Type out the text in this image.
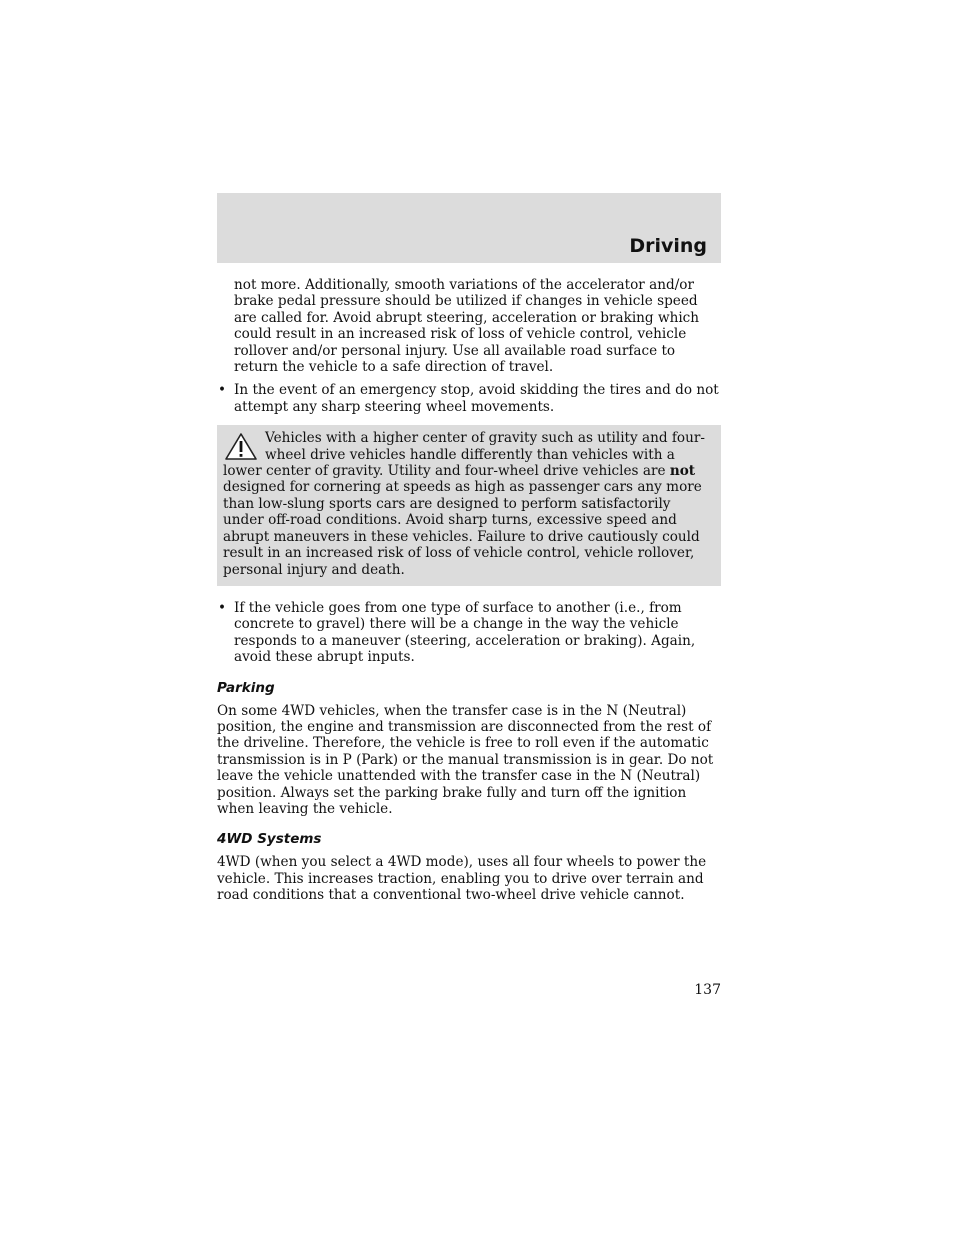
Driving

not more. Additionally, smooth variations of the accelerator and/or brake pedal pressure should be utilized if changes in vehicle speed are called for. Avoid abrupt steering, acceleration or braking which could result in an increased risk of loss of vehicle control, vehicle rollover and/or personal injury. Use all available road surface to return the vehicle to a safe direction of travel.

• In the event of an emergency stop, avoid skidding the tires and do not attempt any sharp steering wheel movements.
Vehicles with a higher center of gravity such as utility and four-wheel drive vehicles handle differently than vehicles with a lower center of gravity. Utility and four-wheel drive vehicles are not designed for cornering at speeds as high as passenger cars any more than low-slung sports cars are designed to perform satisfactorily under off-road conditions. Avoid sharp turns, excessive speed and abrupt maneuvers in these vehicles. Failure to drive cautiously could result in an increased risk of loss of vehicle control, vehicle rollover, personal injury and death.
• If the vehicle goes from one type of surface to another (i.e., from concrete to gravel) there will be a change in the way the vehicle responds to a maneuver (steering, acceleration or braking). Again, avoid these abrupt inputs.
Parking

On some 4WD vehicles, when the transfer case is in the N (Neutral) position, the engine and transmission are disconnected from the rest of the driveline. Therefore, the vehicle is free to roll even if the automatic transmission is in P (Park) or the manual transmission is in gear. Do not leave the vehicle unattended with the transfer case in the N (Neutral) position. Always set the parking brake fully and turn off the ignition when leaving the vehicle.

4WD Systems

4WD (when you select a 4WD mode), uses all four wheels to power the vehicle. This increases traction, enabling you to drive over terrain and road conditions that a conventional two-wheel drive vehicle cannot.

137
